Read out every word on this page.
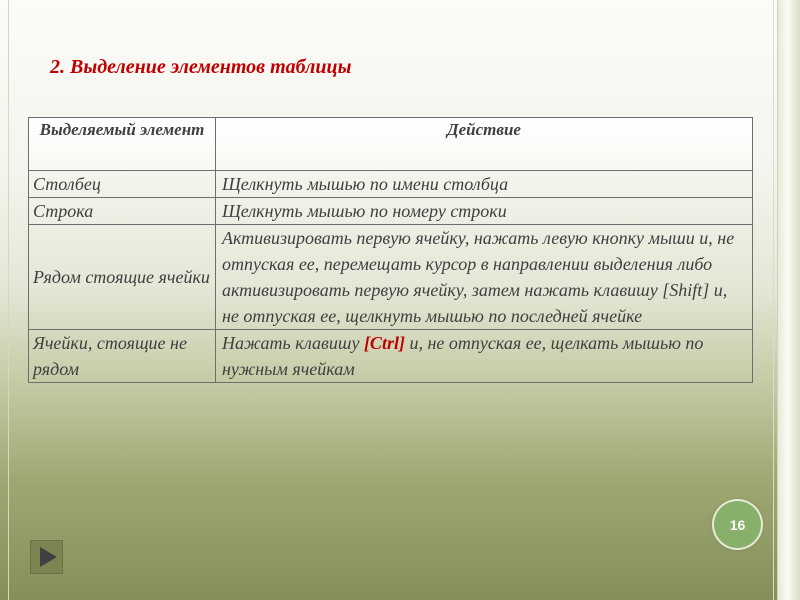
2. Выделение элементов таблицы
Выделяемый элемент	Действие
Столбец	Щелкнуть мышью по имени столбца
Строка	Щелкнуть мышью по номеру строки
Рядом стоящие ячейки	Активизировать первую ячейку, нажать левую кнопку мыши и, не отпуская ее, перемещать курсор в направлении выделения либо активизировать первую ячейку, затем нажать клавишу [Shift] и, не отпуская ее, щелкнуть мышью по последней ячейке
Ячейки, стоящие не рядом	Нажать клавишу [Ctrl] и, не отпуская ее, щелкать мышью по нужным ячейкам
16
